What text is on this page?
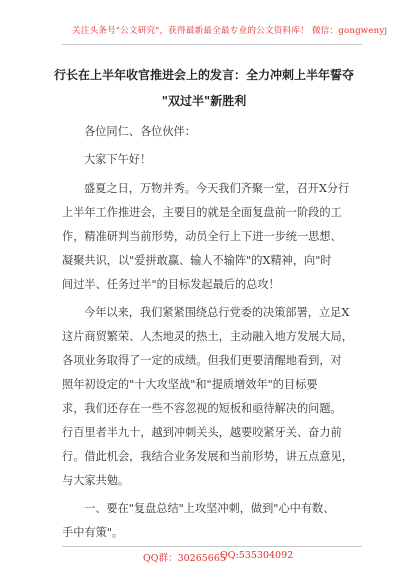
关注头条号"公文研究"，获得最新最全最专业的公文资料库！ 微信：gongwenyj
行长在上半年收官推进会上的发言：全力冲刺上半年誓夺
"双过半"新胜利
各位同仁、各位伙伴：
大家下午好！
盛夏之日，万物并秀。今天我们齐聚一堂，召开X分行
上半年工作推进会，主要目的就是全面复盘前一阶段的工
作，精准研判当前形势，动员全行上下进一步统一思想、
凝聚共识，以"爱拼敢赢、输人不输阵"的X精神，向"时
间过半、任务过半"的目标发起最后的总攻！
今年以来，我们紧紧围绕总行党委的决策部署，立足X
这片商贸繁荣、人杰地灵的热土，主动融入地方发展大局，
各项业务取得了一定的成绩。但我们更要清醒地看到，对
照年初设定的"十大攻坚战"和"提质增效年"的目标要
求，我们还存在一些不容忽视的短板和亟待解决的问题。
行百里者半九十，越到冲刺关头，越要咬紧牙关、奋力前
行。借此机会，我结合业务发展和当前形势，讲五点意见，
与大家共勉。
一、要在"复盘总结"上攻坚冲刺，做到"心中有数、
手中有策"。
QQ群：30265665
QQ:535304092
